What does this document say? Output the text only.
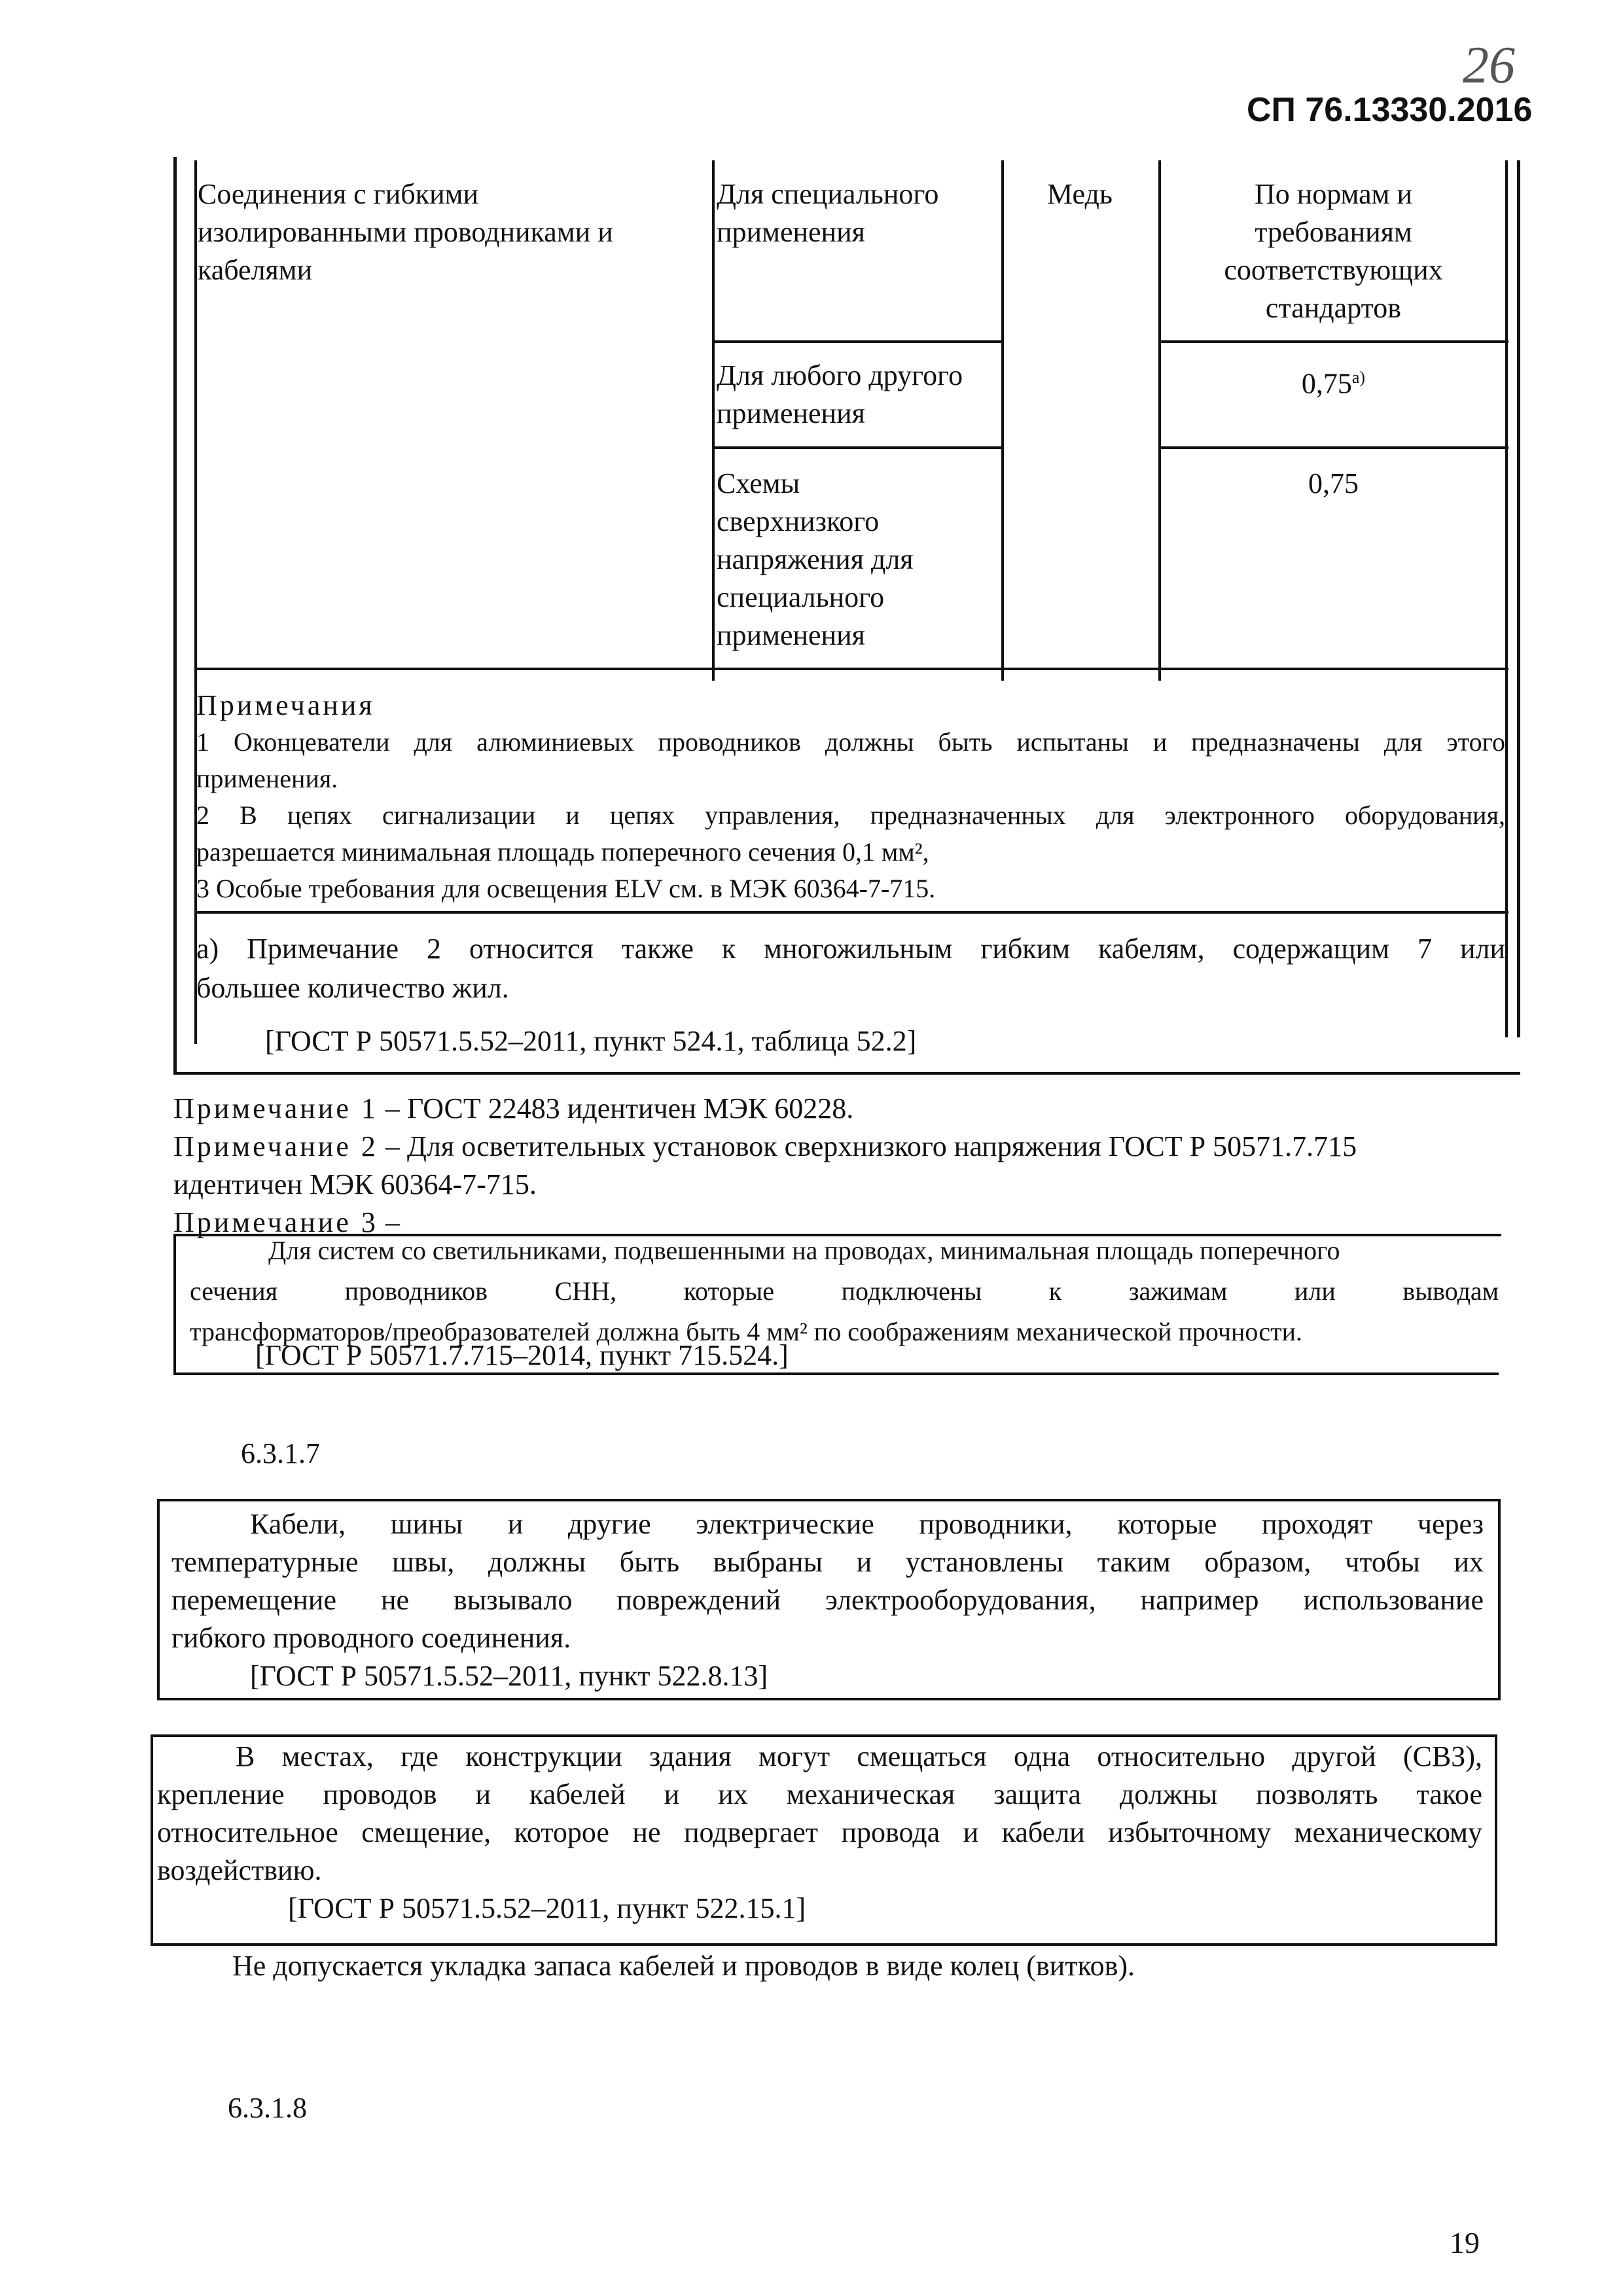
26
СП 76.13330.2016
Соединения с гибкими
изолированными проводниками и
кабелями
Для специального
применения
Медь	По нормам и
требованиям
соответствующих
стандартов
Для любого другого
применения
$0,75^{а)}$
Схемы
сверхнизкого
напряжения для
специального
применения
0,75
Примечания
1 Оконцеватели для алюминиевых проводников должны быть испытаны и предназначены для этого
применения.
2 В цепях сигнализации и цепях управления, предназначенных для электронного оборудования,
разрешается минимальная площадь поперечного сечения 0,1 мм²,
3 Особые требования для освещения ELV см. в МЭК 60364-7-715.
а) Примечание 2 относится также к многожильным гибким кабелям, содержащим 7 или
большее количество жил.
[ГОСТ Р 50571.5.52–2011, пункт 524.1, таблица 52.2]
Примечание 1 – ГОСТ 22483 идентичен МЭК 60228.
Примечание 2 – Для осветительных установок сверхнизкого напряжения ГОСТ Р 50571.7.715
идентичен МЭК 60364-7-715.
Примечание 3 –
Для систем со светильниками, подвешенными на проводах, минимальная площадь поперечного
сечения проводников СНН, которые подключены к зажимам или выводам
трансформаторов/преобразователей должна быть 4 мм² по соображениям механической прочности.
[ГОСТ Р 50571.7.715–2014, пункт 715.524.]
6.3.1.7
Кабели, шины и другие электрические проводники, которые проходят через
температурные швы, должны быть выбраны и установлены таким образом, чтобы их
перемещение не вызывало повреждений электрооборудования, например использование
гибкого проводного соединения.
[ГОСТ Р 50571.5.52–2011, пункт 522.8.13]
В местах, где конструкции здания могут смещаться одна относительно другой (СВЗ),
крепление проводов и кабелей и их механическая защита должны позволять такое
относительное смещение, которое не подвергает провода и кабели избыточному механическому
воздействию.
[ГОСТ Р 50571.5.52–2011, пункт 522.15.1]
Не допускается укладка запаса кабелей и проводов в виде колец (витков).
6.3.1.8
19
